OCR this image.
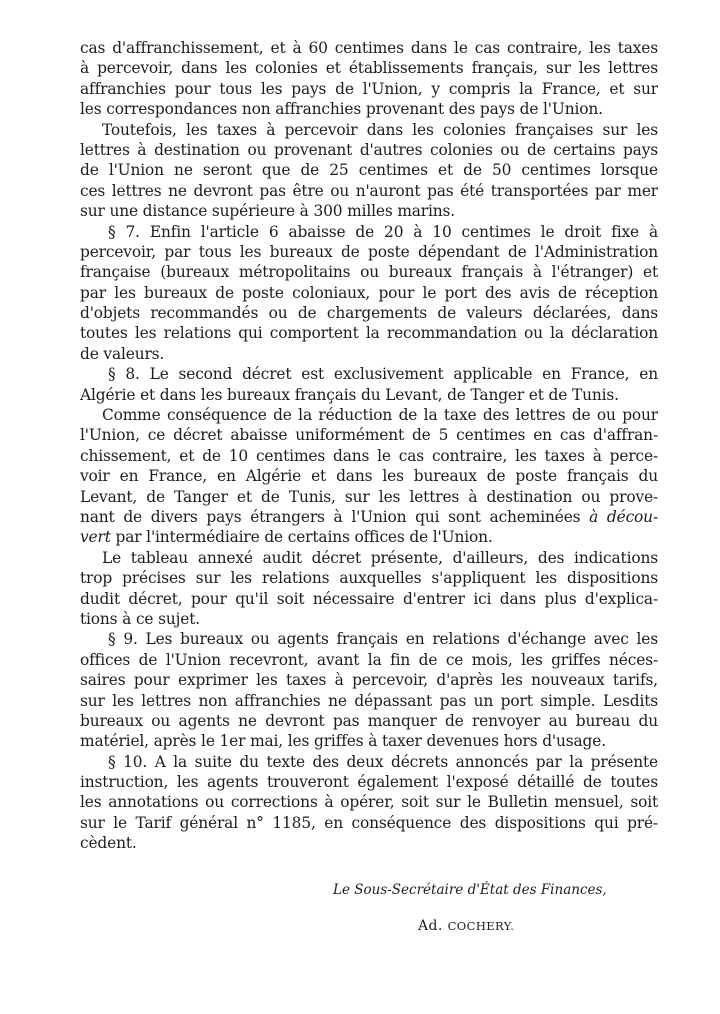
cas d'affranchissement, et à 60 centimes dans le cas contraire, les taxes
à percevoir, dans les colonies et établissements français, sur les lettres
affranchies pour tous les pays de l'Union, y compris la France, et sur
les correspondances non affranchies provenant des pays de l'Union.
Toutefois, les taxes à percevoir dans les colonies françaises sur les
lettres à destination ou provenant d'autres colonies ou de certains pays
de l'Union ne seront que de 25 centimes et de 50 centimes lorsque
ces lettres ne devront pas être ou n'auront pas été transportées par mer
sur une distance supérieure à 300 milles marins.
§ 7. Enfin l'article 6 abaisse de 20 à 10 centimes le droit fixe à
percevoir, par tous les bureaux de poste dépendant de l'Administration
française (bureaux métropolitains ou bureaux français à l'étranger) et
par les bureaux de poste coloniaux, pour le port des avis de réception
d'objets recommandés ou de chargements de valeurs déclarées, dans
toutes les relations qui comportent la recommandation ou la déclaration
de valeurs.
§ 8. Le second décret est exclusivement applicable en France, en
Algérie et dans les bureaux français du Levant, de Tanger et de Tunis.
Comme conséquence de la réduction de la taxe des lettres de ou pour
l'Union, ce décret abaisse uniformément de 5 centimes en cas d'affran-
chissement, et de 10 centimes dans le cas contraire, les taxes à perce-
voir en France, en Algérie et dans les bureaux de poste français du
Levant, de Tanger et de Tunis, sur les lettres à destination ou prove-
nant de divers pays étrangers à l'Union qui sont acheminées à décou-
vert par l'intermédiaire de certains offices de l'Union.
Le tableau annexé audit décret présente, d'ailleurs, des indications
trop précises sur les relations auxquelles s'appliquent les dispositions
dudit décret, pour qu'il soit nécessaire d'entrer ici dans plus d'explica-
tions à ce sujet.
§ 9. Les bureaux ou agents français en relations d'échange avec les
offices de l'Union recevront, avant la fin de ce mois, les griffes néces-
saires pour exprimer les taxes à percevoir, d'après les nouveaux tarifs,
sur les lettres non affranchies ne dépassant pas un port simple. Lesdits
bureaux ou agents ne devront pas manquer de renvoyer au bureau du
matériel, après le 1er mai, les griffes à taxer devenues hors d'usage.
§ 10. A la suite du texte des deux décrets annoncés par la présente
instruction, les agents trouveront également l'exposé détaillé de toutes
les annotations ou corrections à opérer, soit sur le Bulletin mensuel, soit
sur le Tarif général n° 1185, en conséquence des dispositions qui pré-
cèdent.
Le Sous-Secrétaire d'État des Finances,
Ad. COCHERY.
